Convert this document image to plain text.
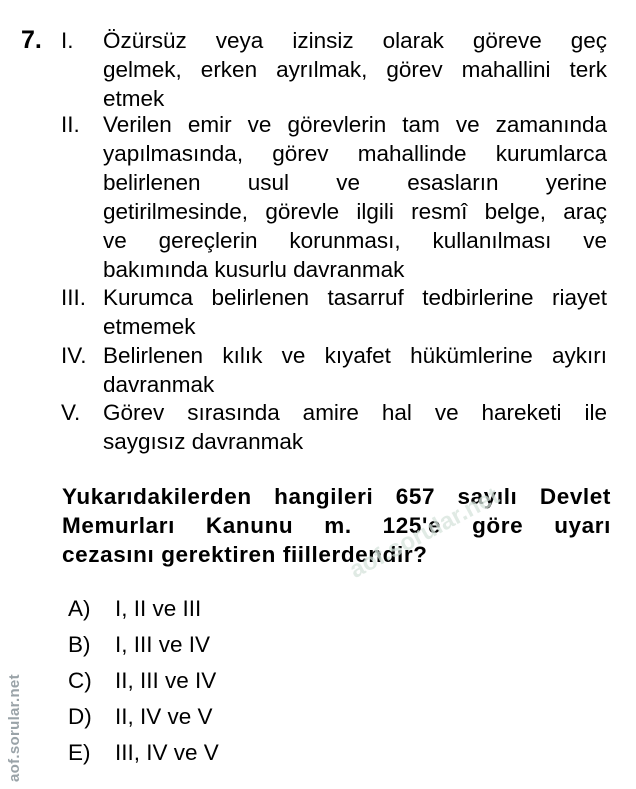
7. I.	Özürsüz veya izinsiz olarak göreve geç
gelmek, erken ayrılmak, görev mahallini terk
etmek
II.	Verilen emir ve görevlerin tam ve zamanında
yapılmasında, görev mahallinde kurumlarca
belirlenen usul ve esasların yerine
getirilmesinde, görevle ilgili resmî belge, araç
ve gereçlerin korunması, kullanılması ve
bakımında kusurlu davranmak
III. Kurumca belirlenen tasarruf tedbirlerine riayet
etmemek
IV. Belirlenen kılık ve kıyafet hükümlerine aykırı
davranmak
V.	Görev sırasında amire hal ve hareketi ile
saygısız davranmak
Yukarıdakilerden hangileri 657 sayılı Devlet
Memurları Kanunu m. 125'e göre uyarı
cezasını gerektiren fiillerdendir?
A)	I, II ve III
B)	I, III ve IV
C)	II, III ve IV
D)	II, IV ve V
E)	III, IV ve V
aof.sorular.net
aof.sorular.net
